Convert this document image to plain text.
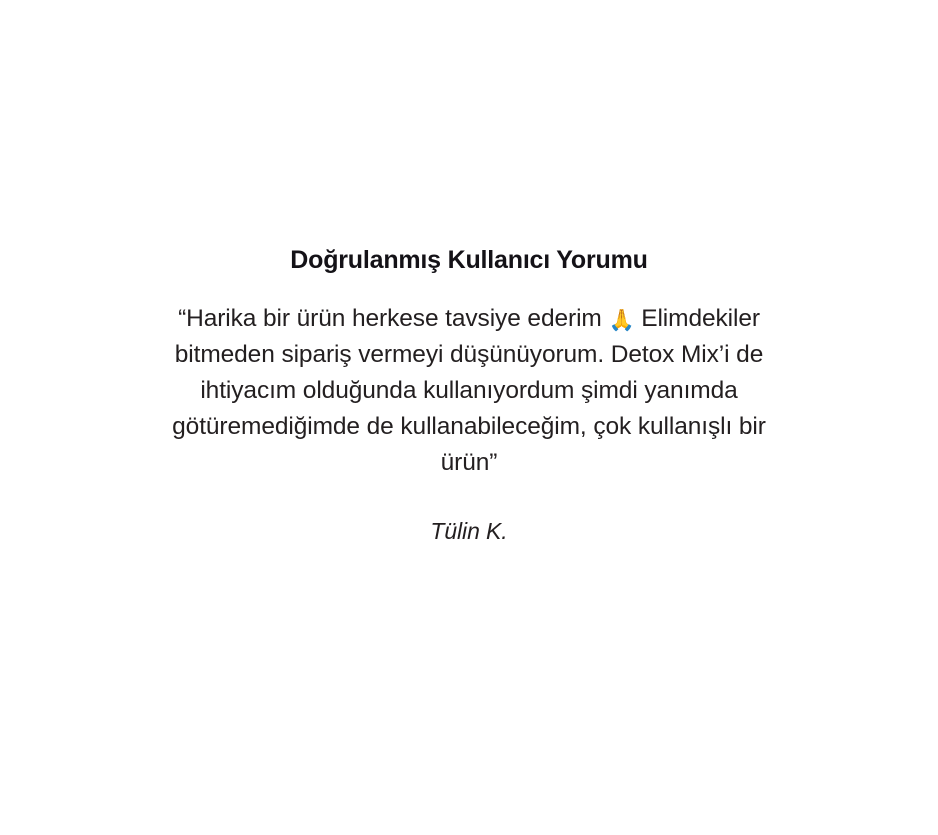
Doğrulanmış Kullanıcı Yorumu

“Harika bir ürün herkese tavsiye ederim 🙏 Elimdekiler bitmeden sipariş vermeyi düşünüyorum. Detox Mix’i de ihtiyacım olduğunda kullanıyordum şimdi yanımda götüremediğimde de kullanabileceğim, çok kullanışlı bir ürün”

Tülin K.
